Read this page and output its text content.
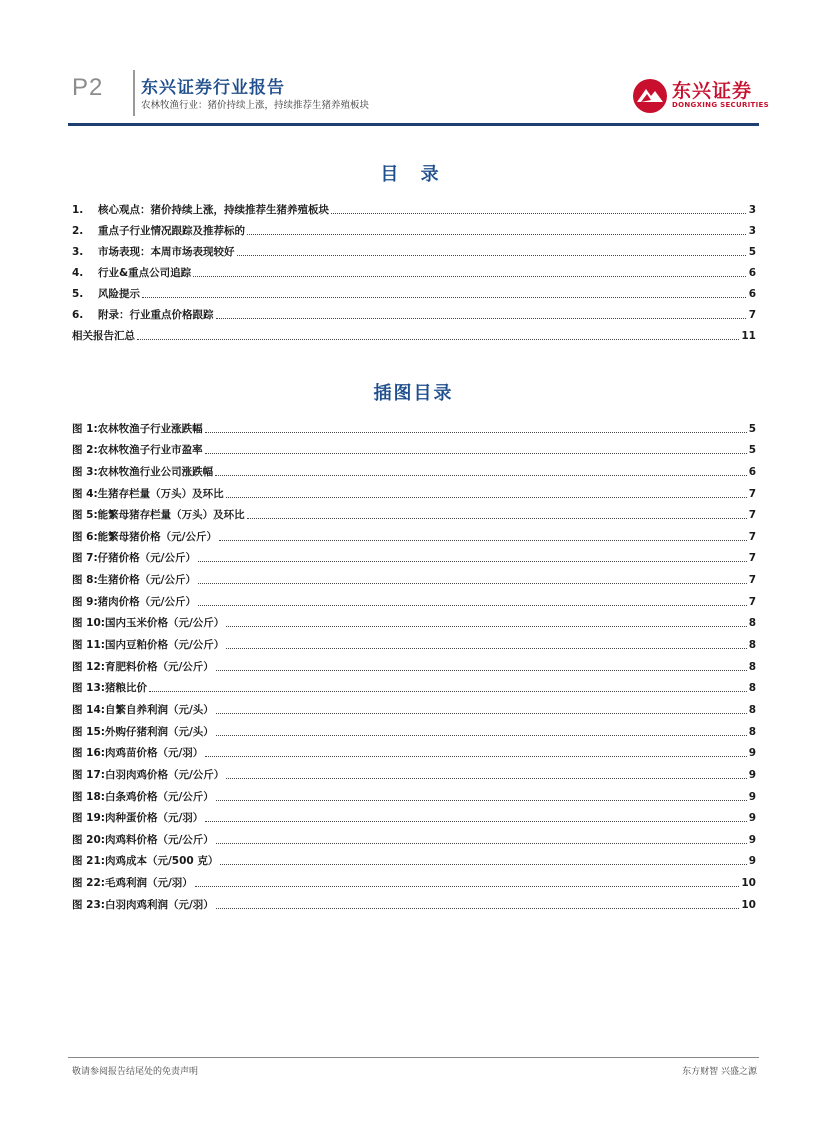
P2 东兴证券行业报告
农林牧渔行业：猪价持续上涨，持续推荐生猪养殖板块
东兴证券
DONGXING SECURITIES
目 录
1.	核心观点：猪价持续上涨，持续推荐生猪养殖板块	3
2.	重点子行业情况跟踪及推荐标的	3
3.	市场表现：本周市场表现较好	5
4.	行业&重点公司追踪	6
5.	风险提示	6
6.	附录：行业重点价格跟踪	7
相关报告汇总	11
插图目录
图 1:农林牧渔子行业涨跌幅	5
图 2:农林牧渔子行业市盈率	5
图 3:农林牧渔行业公司涨跌幅	6
图 4:生猪存栏量（万头）及环比	7
图 5:能繁母猪存栏量（万头）及环比	7
图 6:能繁母猪价格（元/公斤）	7
图 7:仔猪价格（元/公斤）	7
图 8:生猪价格（元/公斤）	7
图 9:猪肉价格（元/公斤）	7
图 10:国内玉米价格（元/公斤）	8
图 11:国内豆粕价格（元/公斤）	8
图 12:育肥料价格（元/公斤）	8
图 13:猪粮比价	8
图 14:自繁自养利润（元/头）	8
图 15:外购仔猪利润（元/头）	8
图 16:肉鸡苗价格（元/羽）	9
图 17:白羽肉鸡价格（元/公斤）	9
图 18:白条鸡价格（元/公斤）	9
图 19:肉种蛋价格（元/羽）	9
图 20:肉鸡料价格（元/公斤）	9
图 21:肉鸡成本（元/500 克）	9
图 22:毛鸡利润（元/羽）	10
图 23:白羽肉鸡利润（元/羽）	10
敬请参阅报告结尾处的免责声明	东方财智 兴盛之源
